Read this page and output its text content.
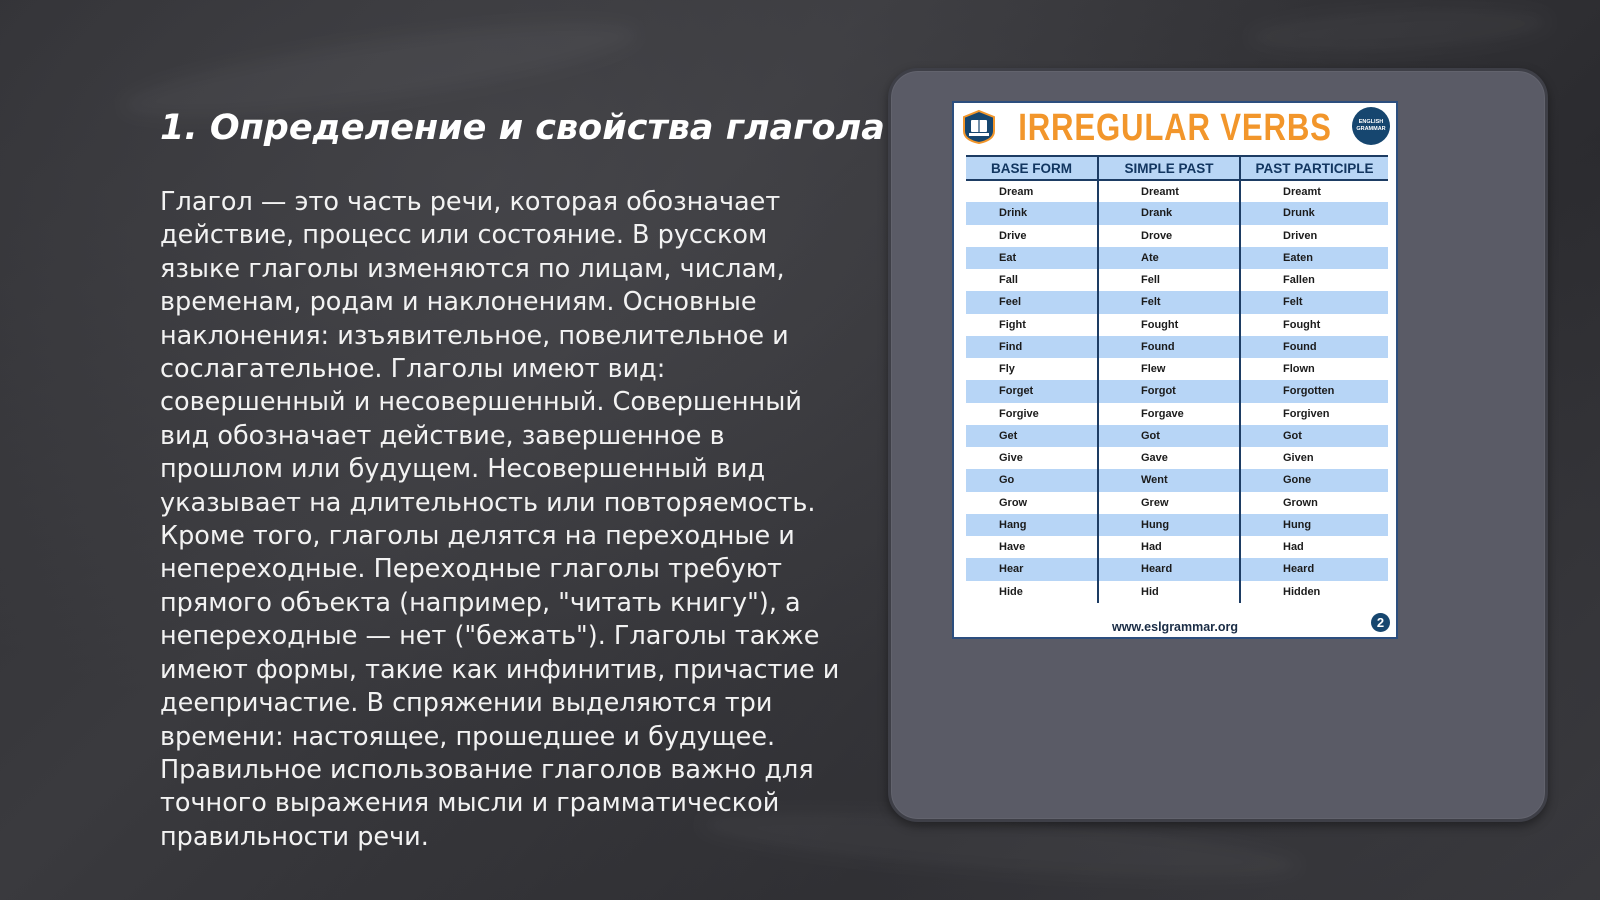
1. Определение и свойства глагола

Глагол — это часть речи, которая обозначает действие, процесс или состояние. В русском языке глаголы изменяются по лицам, числам, временам, родам и наклонениям. Основные наклонения: изъявительное, повелительное и сослагательное. Глаголы имеют вид: совершенный и несовершенный. Совершенный вид обозначает действие, завершенное в прошлом или будущем. Несовершенный вид указывает на длительность или повторяемость. Кроме того, глаголы делятся на переходные и непереходные. Переходные глаголы требуют прямого объекта (например, "читать книгу"), а непереходные — нет ("бежать"). Глаголы также имеют формы, такие как инфинитив, причастие и деепричастие. В спряжении выделяются три времени: настоящее, прошедшее и будущее. Правильное использование глаголов важно для точного выражения мысли и грамматической правильности речи.

IRREGULAR VERBS	ENGLISH GRAMMAR
BASE FORM	SIMPLE PAST	PAST PARTICIPLE
Dream	Dreamt	Dreamt
Drink	Drank	Drunk
Drive	Drove	Driven
Eat	Ate	Eaten
Fall	Fell	Fallen
Feel	Felt	Felt
Fight	Fought	Fought
Find	Found	Found
Fly	Flew	Flown
Forget	Forgot	Forgotten
Forgive	Forgave	Forgiven
Get	Got	Got
Give	Gave	Given
Go	Went	Gone
Grow	Grew	Grown
Hang	Hung	Hung
Have	Had	Had
Hear	Heard	Heard
Hide	Hid	Hidden
www.eslgrammar.org	2
